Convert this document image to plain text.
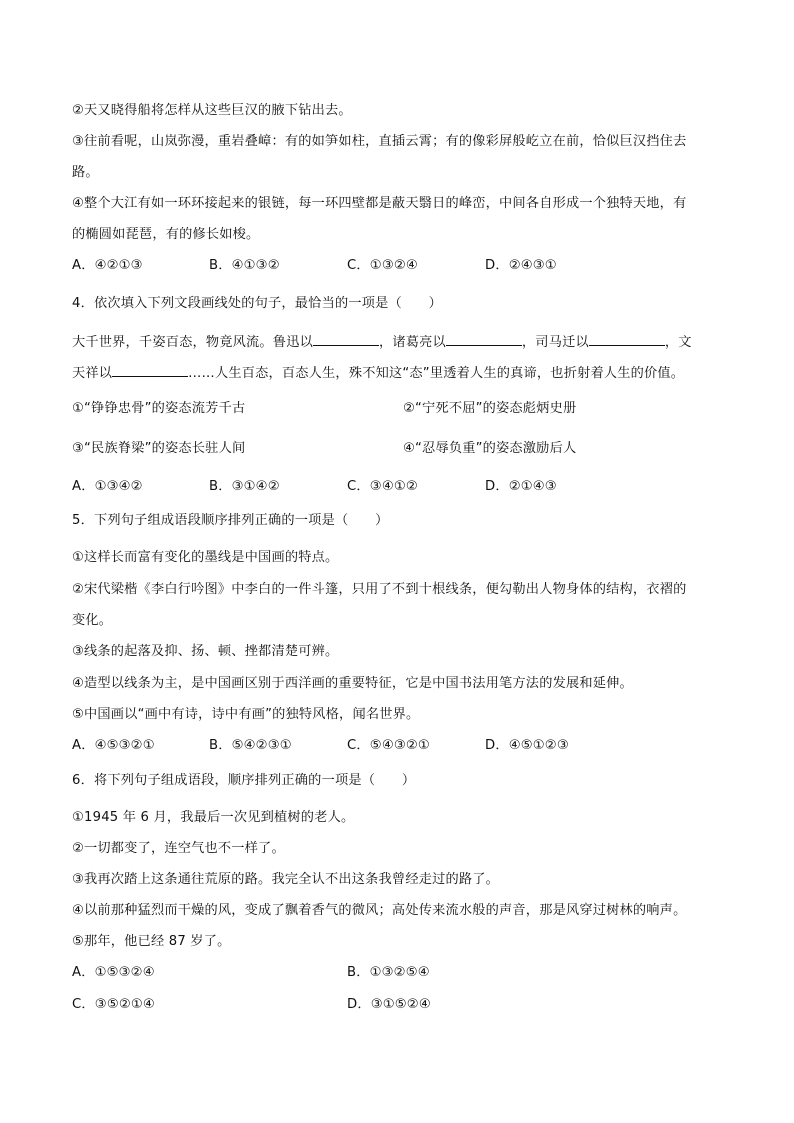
②天又晓得船将怎样从这些巨汉的腋下钻出去。
③往前看呢，山岚弥漫，重岩叠嶂：有的如笋如柱，直插云霄；有的像彩屏般屹立在前，恰似巨汉挡住去
路。
④整个大江有如一环环接起来的银链，每一环四壁都是蔽天翳日的峰峦，中间各自形成一个独特天地，有
的椭圆如琵琶，有的修长如梭。
A．④②①③	B．④①③②	C．①③②④	D．②④③①
4．依次填入下列文段画线处的句子，最恰当的一项是（　　）
大千世界，千姿百态，物竟风流。鲁迅以	，诸葛亮以	，司马迁以	，文
天祥以	……人生百态，百态人生，殊不知这“态”里透着人生的真谛，也折射着人生的价值。
①“铮铮忠骨”的姿态流芳千古	②“宁死不屈”的姿态彪炳史册
③“民族脊梁”的姿态长驻人间	④“忍辱负重”的姿态激励后人
A．①③④②	B．③①④②	C．③④①②	D．②①④③
5．下列句子组成语段顺序排列正确的一项是（　　）
①这样长而富有变化的墨线是中国画的特点。
②宋代梁楷《李白行吟图》中李白的一件斗篷，只用了不到十根线条，便勾勒出人物身体的结构，衣褶的
变化。
③线条的起落及抑、扬、顿、挫都清楚可辨。
④造型以线条为主，是中国画区别于西洋画的重要特征，它是中国书法用笔方法的发展和延伸。
⑤中国画以“画中有诗，诗中有画”的独特风格，闻名世界。
A．④⑤③②①	B．⑤④②③①	C．⑤④③②①	D．④⑤①②③
6．将下列句子组成语段，顺序排列正确的一项是（　　）
①1945 年 6 月，我最后一次见到植树的老人。
②一切都变了，连空气也不一样了。
③我再次踏上这条通往荒原的路。我完全认不出这条我曾经走过的路了。
④以前那种猛烈而干燥的风，变成了飘着香气的微风；高处传来流水般的声音，那是风穿过树林的响声。
⑤那年，他已经 87 岁了。
A．①⑤③②④	B．①③②⑤④
C．③⑤②①④	D．③①⑤②④
